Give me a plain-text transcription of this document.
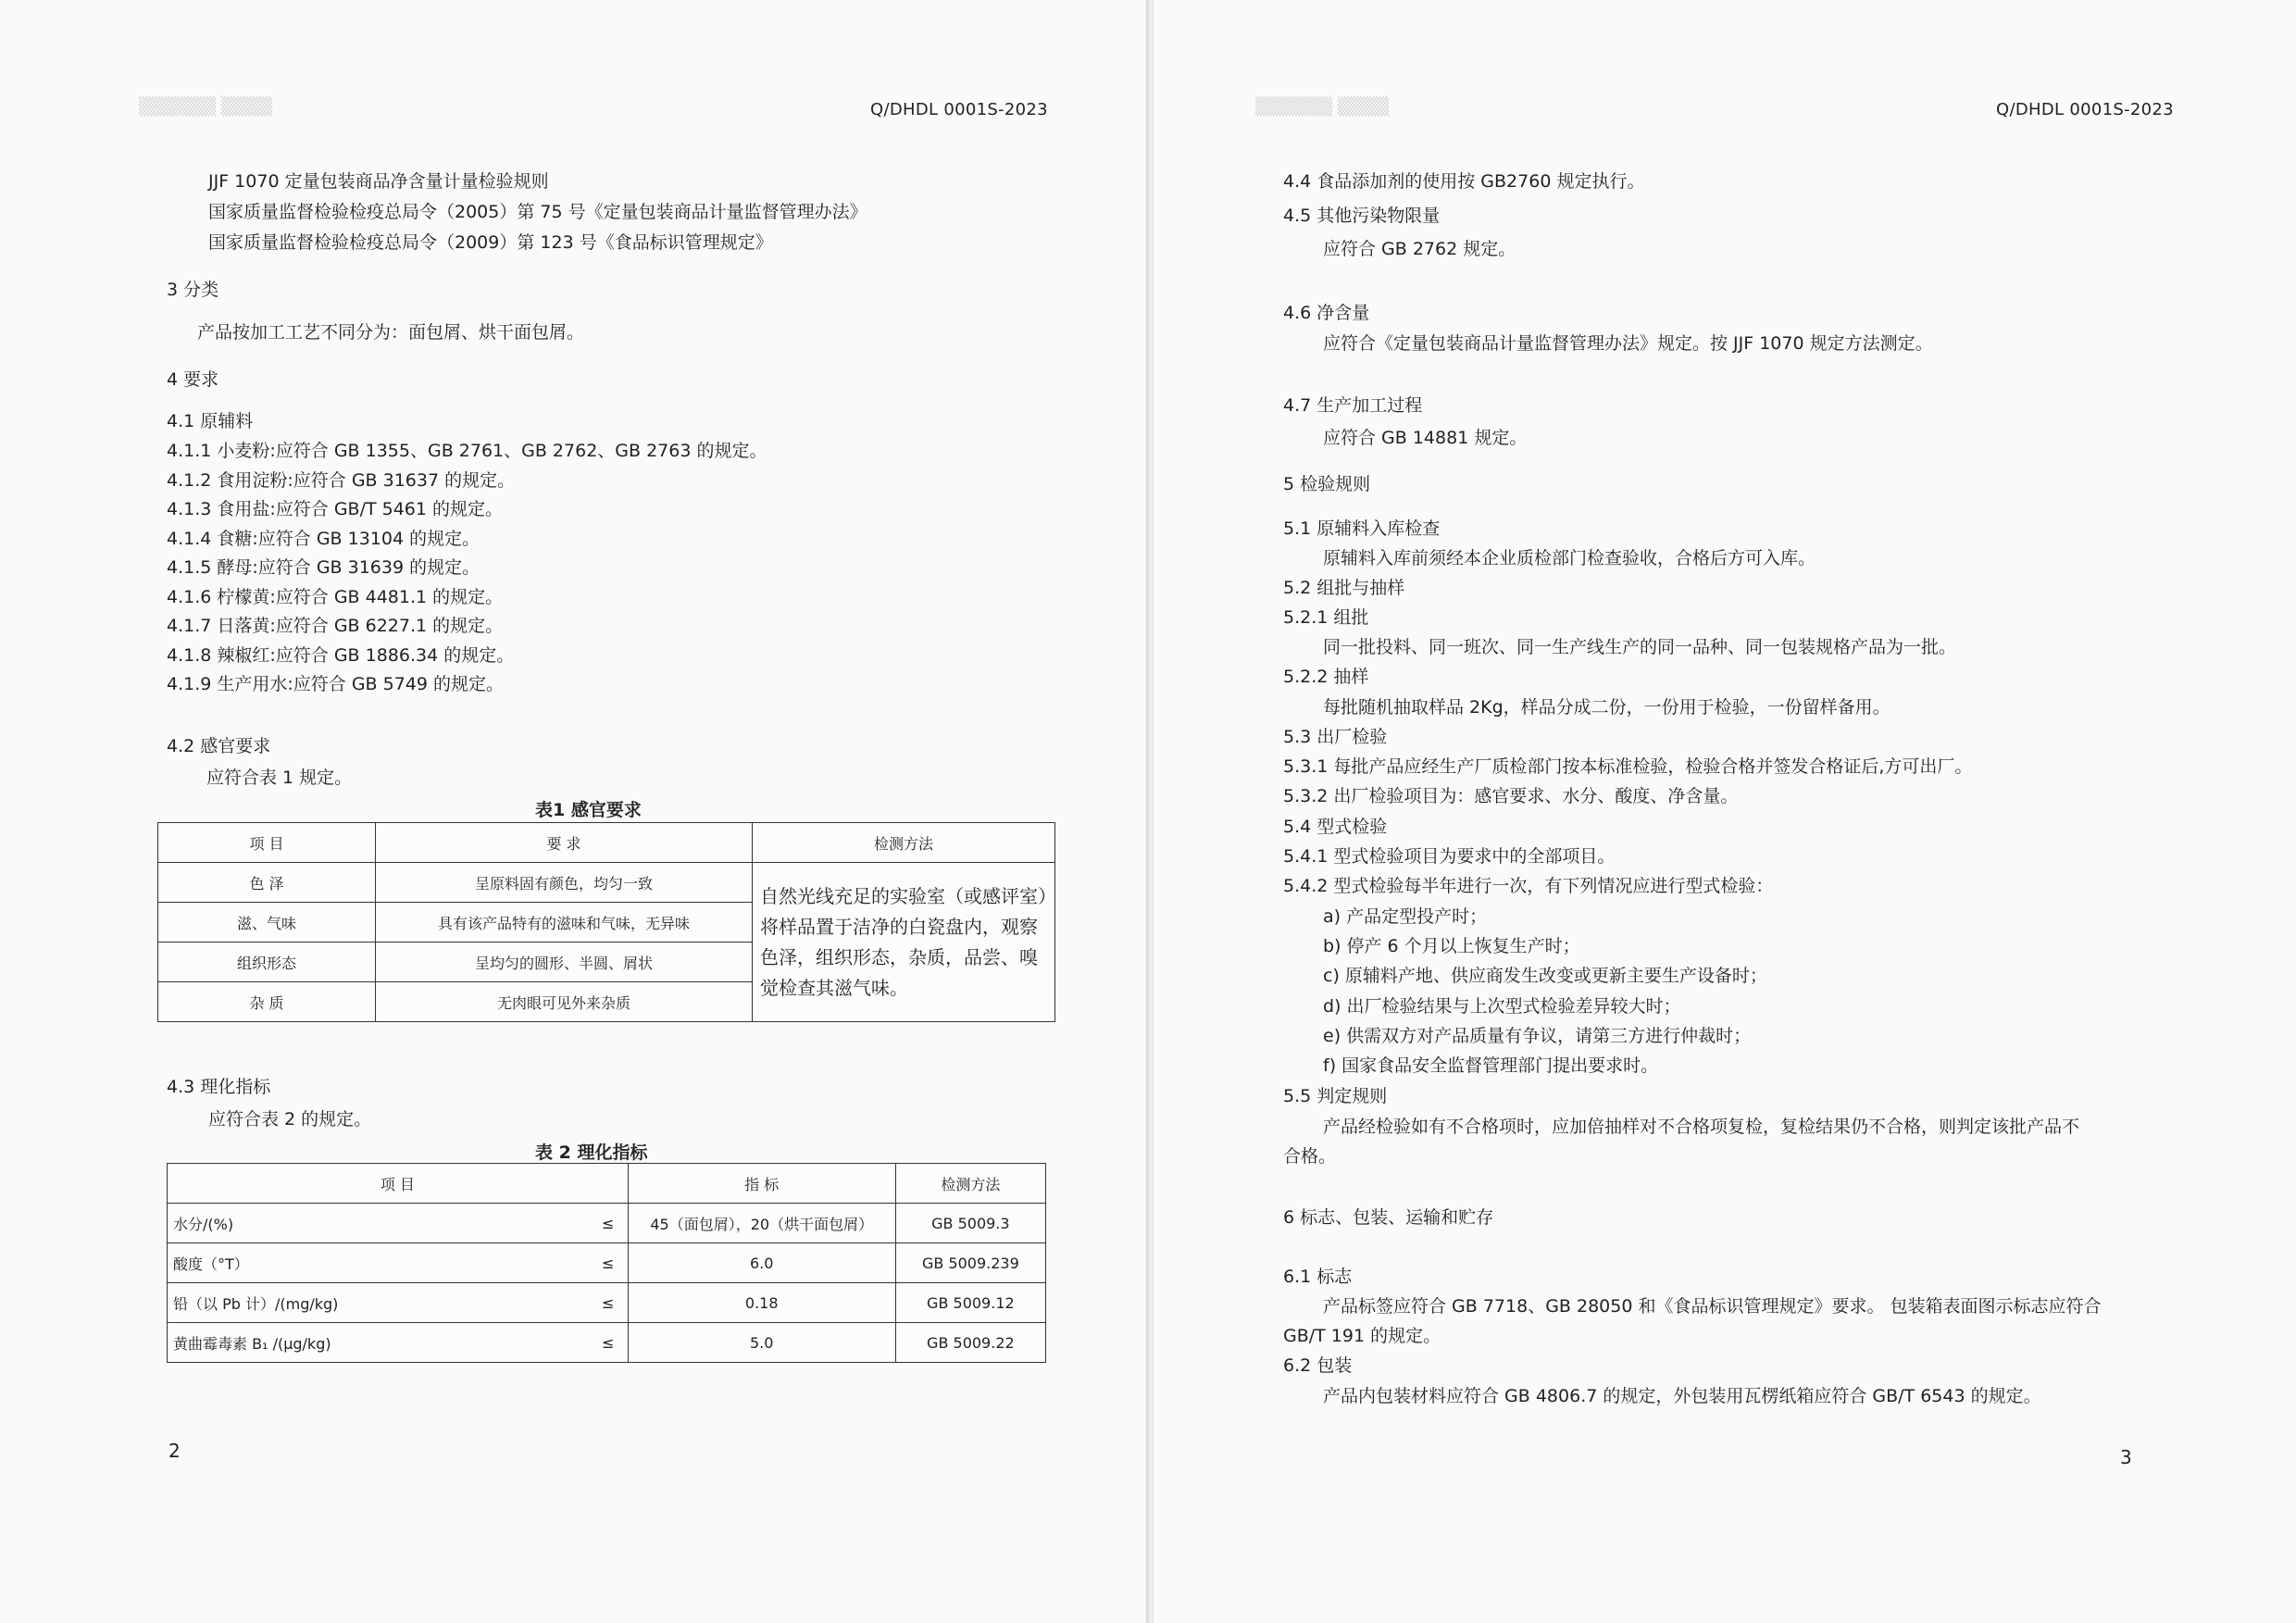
▒▒▒▒▒▒ ▒▒▒▒	Q/DHDL 0001S-2023
JJF 1070 定量包装商品净含量计量检验规则
国家质量监督检验检疫总局令（2005）第 75 号《定量包装商品计量监督管理办法》
国家质量监督检验检疫总局令（2009）第 123 号《食品标识管理规定》
3 分类
产品按加工工艺不同分为：面包屑、烘干面包屑。
4 要求
4.1 原辅料
4.1.1 小麦粉:应符合 GB 1355、GB 2761、GB 2762、GB 2763 的规定。
4.1.2 食用淀粉:应符合 GB 31637 的规定。
4.1.3 食用盐:应符合 GB/T 5461 的规定。
4.1.4 食糖:应符合 GB 13104 的规定。
4.1.5 酵母:应符合 GB 31639 的规定。
4.1.6 柠檬黄:应符合 GB 4481.1 的规定。
4.1.7 日落黄:应符合 GB 6227.1 的规定。
4.1.8 辣椒红:应符合 GB 1886.34 的规定。
4.1.9 生产用水:应符合 GB 5749 的规定。
4.2 感官要求
应符合表 1 规定。
表1 感官要求
项 目	要 求	检测方法
色 泽	呈原料固有颜色，均匀一致	自然光线充足的实验室（或感评室）将样品置于洁净的白瓷盘内，观察色泽，组织形态，杂质，品尝、嗅觉检查其滋气味。
滋、气味	具有该产品特有的滋味和气味，无异味	
组织形态	呈均匀的圆形、半圆、屑状	
杂 质	无肉眼可见外来杂质	
4.3 理化指标
应符合表 2 的规定。
表 2 理化指标
项 目		指 标	检测方法
水分/(%)	≤	45（面包屑），20（烘干面包屑）	GB 5009.3
酸度（°T）	≤	6.0	GB 5009.239
铅（以 Pb 计）/(mg/kg)	≤	0.18	GB 5009.12
黄曲霉毒素 B₁ /(μg/kg)	≤	5.0	GB 5009.22
2
▒▒▒▒▒▒ ▒▒▒▒	Q/DHDL 0001S-2023
4.4 食品添加剂的使用按 GB2760 规定执行。
4.5 其他污染物限量
应符合 GB 2762 规定。
4.6 净含量
应符合《定量包装商品计量监督管理办法》规定。按 JJF 1070 规定方法测定。
4.7 生产加工过程
应符合 GB 14881 规定。
5 检验规则
5.1 原辅料入库检查
原辅料入库前须经本企业质检部门检查验收，合格后方可入库。
5.2 组批与抽样
5.2.1 组批
同一批投料、同一班次、同一生产线生产的同一品种、同一包装规格产品为一批。
5.2.2 抽样
每批随机抽取样品 2Kg，样品分成二份，一份用于检验，一份留样备用。
5.3 出厂检验
5.3.1 每批产品应经生产厂质检部门按本标准检验，检验合格并签发合格证后,方可出厂。
5.3.2 出厂检验项目为：感官要求、水分、酸度、净含量。
5.4 型式检验
5.4.1 型式检验项目为要求中的全部项目。
5.4.2 型式检验每半年进行一次，有下列情况应进行型式检验：
a) 产品定型投产时；
b) 停产 6 个月以上恢复生产时；
c) 原辅料产地、供应商发生改变或更新主要生产设备时；
d) 出厂检验结果与上次型式检验差异较大时；
e) 供需双方对产品质量有争议，请第三方进行仲裁时；
f) 国家食品安全监督管理部门提出要求时。
5.5 判定规则
产品经检验如有不合格项时，应加倍抽样对不合格项复检，复检结果仍不合格，则判定该批产品不
合格。
6 标志、包装、运输和贮存
6.1 标志
产品标签应符合 GB 7718、GB 28050 和《食品标识管理规定》要求。 包装箱表面图示标志应符合
GB/T 191 的规定。
6.2 包装
产品内包装材料应符合 GB 4806.7 的规定，外包装用瓦楞纸箱应符合 GB/T 6543 的规定。
3
